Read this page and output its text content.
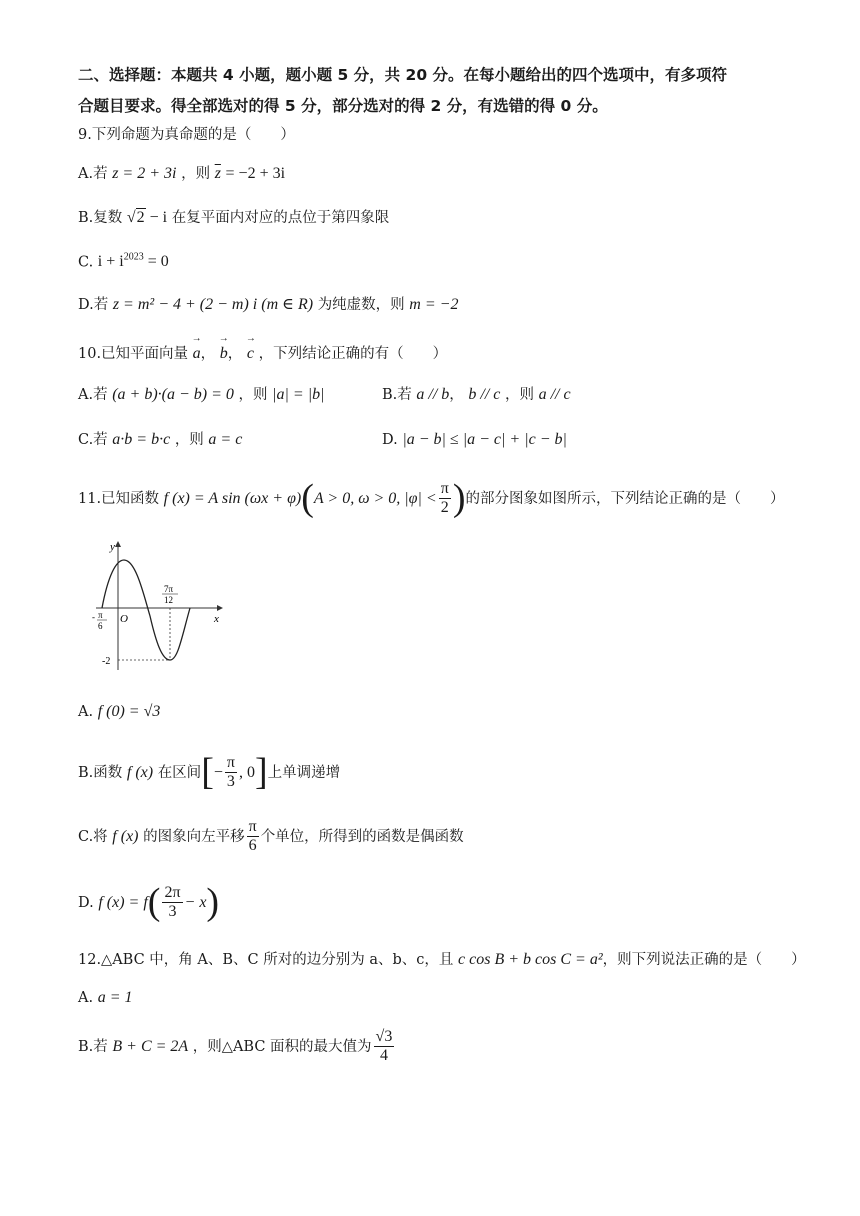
二、选择题：本题共 4 小题，题小题 5 分，共 20 分。在每小题给出的四个选项中，有多项符
合题目要求。得全部选对的得 5 分，部分选对的得 2 分，有选错的得 0 分。
9.下列命题为真命题的是（　　）
A.若 z = 2 + 3i ，则 $\overline{z} = -2 + 3i$
B.复数 √2 − i 在复平面内对应的点位于第四象限
C. $i + i^{2023} = 0$
D.若 z = m² − 4 + (2 − m) i (m ∈ R) 为纯虚数，则 m = −2
10.已知平面向量 → a， → b， → c ，下列结论正确的有（　　）
A.若 (a + b)·(a − b) = 0 ，则 |a| = |b|	B.若 a // b， b // c ，则 a // c
C.若 a·b = b·c ，则 a = c	D. |a − b| ≤ |a − c| + |c − b|
11.已知函数 f (x) = A sin (ωx + φ)(A > 0, ω > 0, $|\varphi| < \frac{\pi}{2}$ )的部分图象如图所示，下列结论正确的是（　　）
y
x
O
- π
6
7π
12
-2
A. f (0) = √3
B.函数 f (x) 在区间[− $\frac{\pi}{3}$ , 0]上单调递增
C.将 f (x) 的图象向左平移 $\frac{\pi}{6}$ 个单位，所得到的函数是偶函数
D. f $(x) = f( \frac{2\pi}{3} - x)$
12.△ABC 中，角 A、B、C 所对的边分别为 a、b、c，且 c cos B + b cos C = a²，则下列说法正确的是（　　）
A. a = 1
B.若 B + C = 2A ，则△ABC 面积的最大值为 $\frac{√3}{4}$
